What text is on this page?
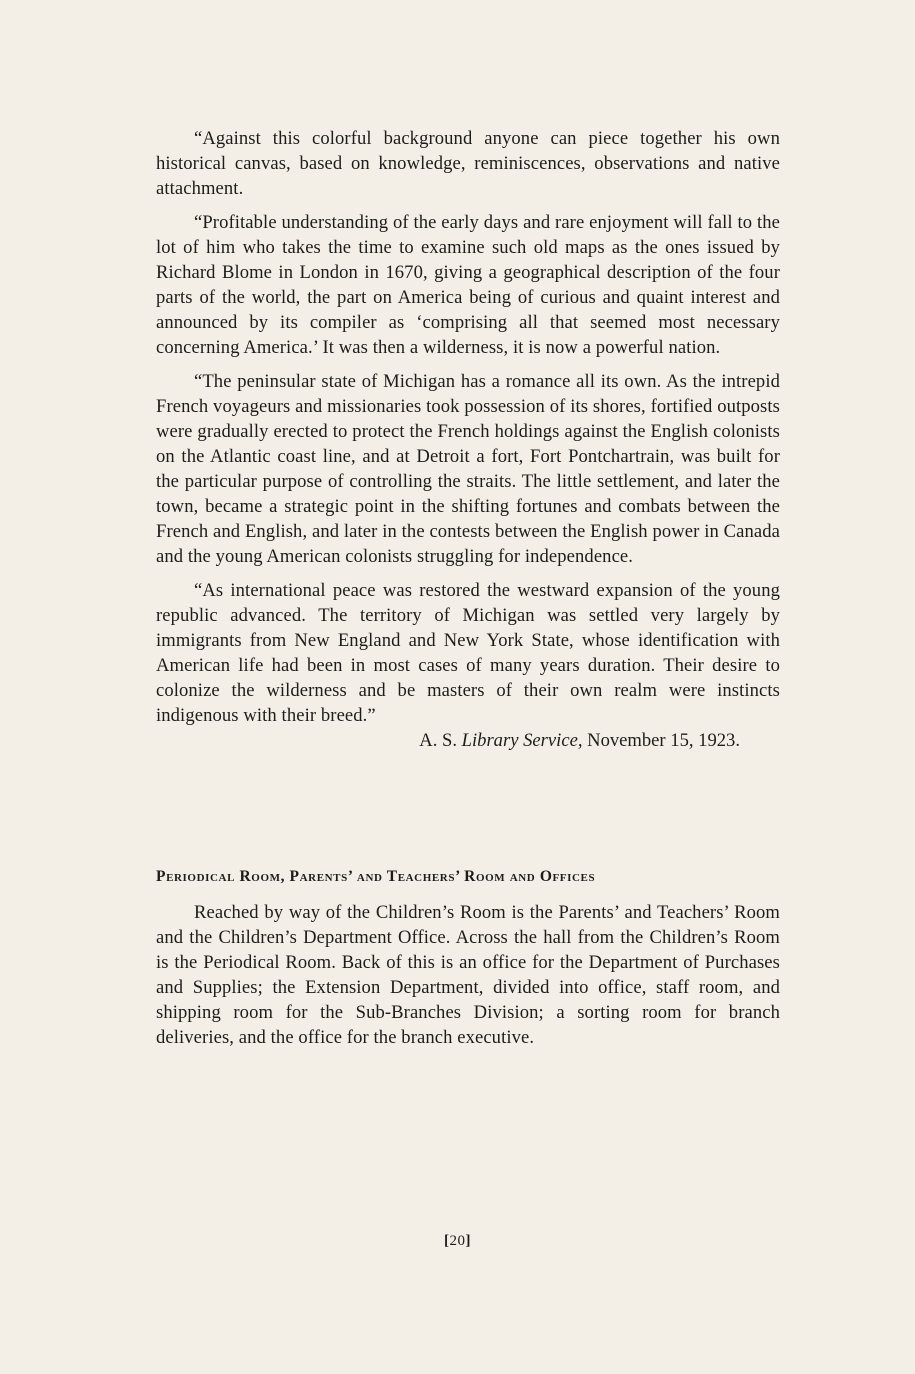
“Against this colorful background anyone can piece together his own historical canvas, based on knowledge, reminiscences, observations and native attachment.

“Profitable understanding of the early days and rare enjoyment will fall to the lot of him who takes the time to examine such old maps as the ones issued by Richard Blome in London in 1670, giving a geographical description of the four parts of the world, the part on America being of curious and quaint interest and announced by its compiler as ‘comprising all that seemed most necessary concerning America.’ It was then a wilderness, it is now a powerful nation.

“The peninsular state of Michigan has a romance all its own. As the intrepid French voyageurs and missionaries took possession of its shores, fortified outposts were gradually erected to protect the French holdings against the English colonists on the Atlantic coast line, and at Detroit a fort, Fort Pontchartrain, was built for the particular purpose of controlling the straits. The little settlement, and later the town, became a strategic point in the shifting fortunes and combats between the French and English, and later in the contests between the English power in Canada and the young American colonists struggling for independence.

“As international peace was restored the westward expansion of the young republic advanced. The territory of Michigan was settled very largely by immigrants from New England and New York State, whose identification with American life had been in most cases of many years duration. Their desire to colonize the wilderness and be masters of their own realm were instincts indigenous with their breed.”

A. S. Library Service, November 15, 1923.

Periodical Room, Parents’ and Teachers’ Room and Offices

Reached by way of the Children’s Room is the Parents’ and Teachers’ Room and the Children’s Department Office. Across the hall from the Children’s Room is the Periodical Room. Back of this is an office for the Department of Purchases and Supplies; the Extension Department, divided into office, staff room, and shipping room for the Sub-Branches Division; a sorting room for branch deliveries, and the office for the branch executive.

[20]
